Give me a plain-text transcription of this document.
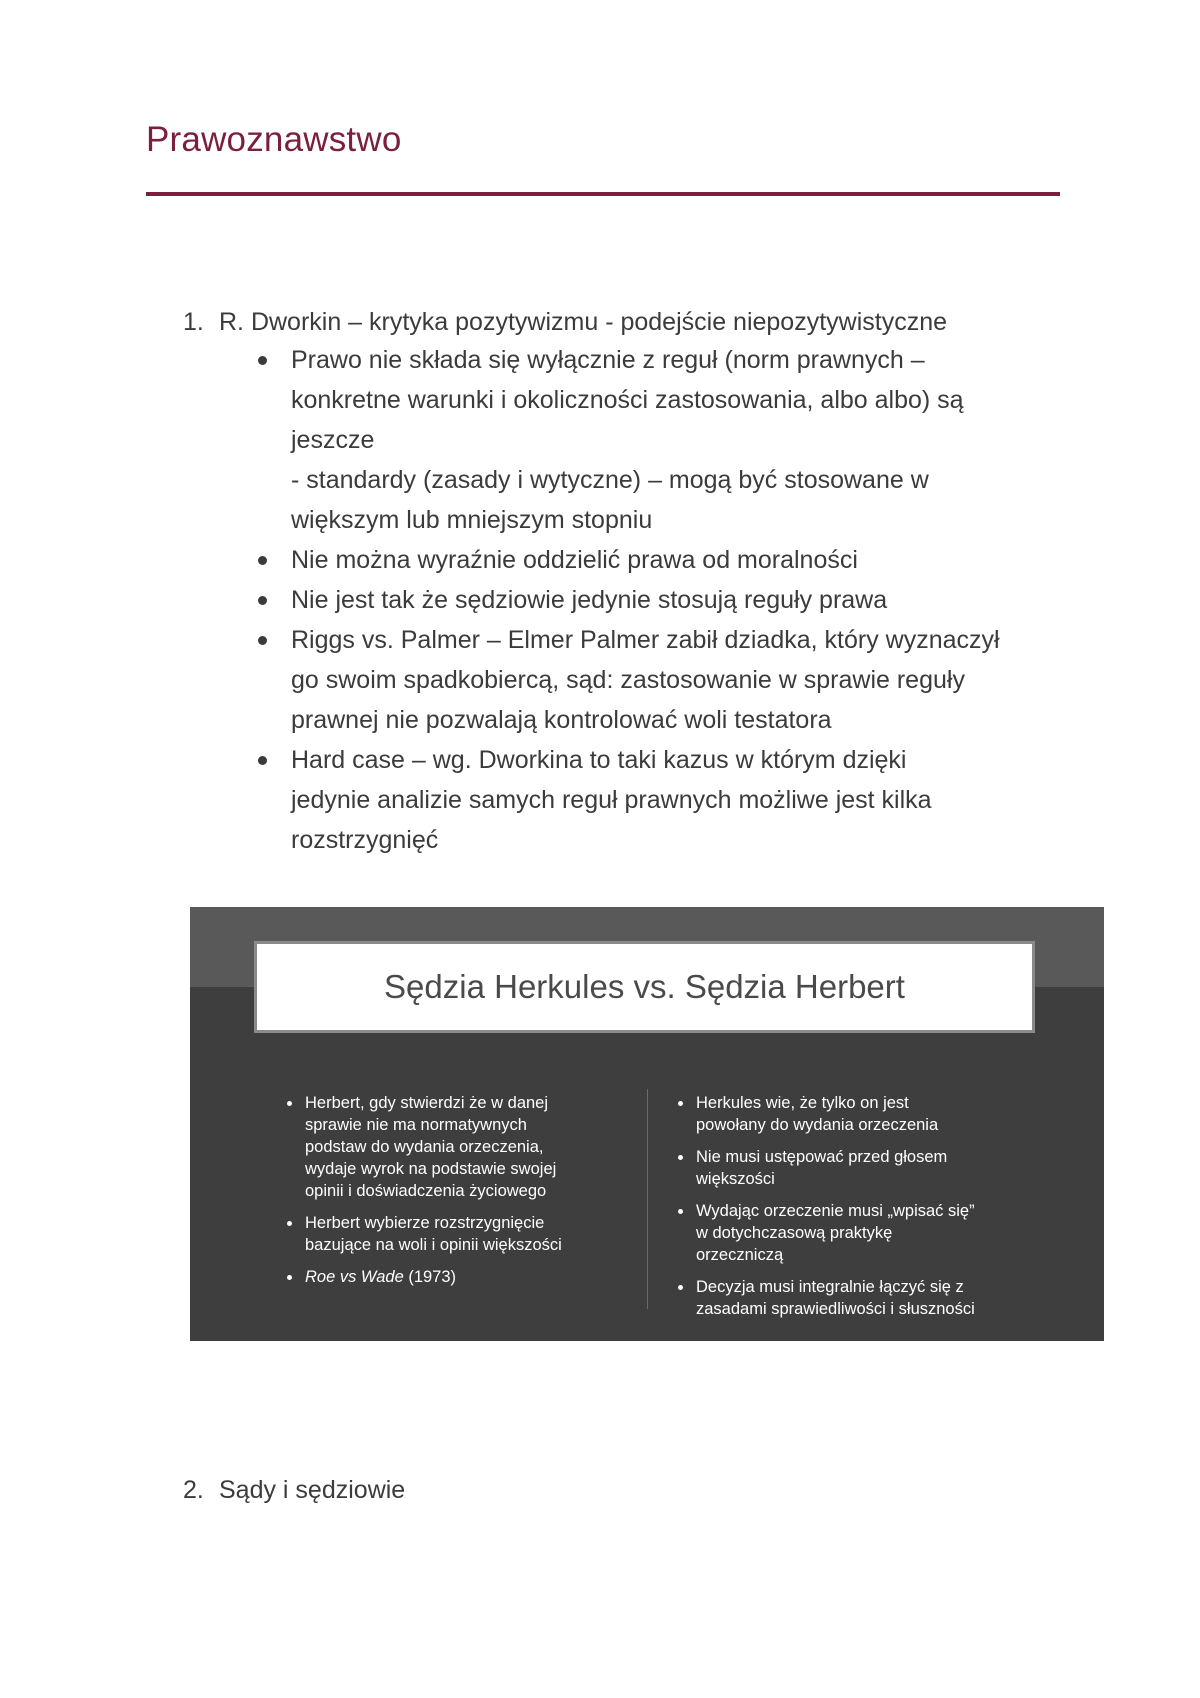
Prawoznawstwo
1. R. Dworkin – krytyka pozytywizmu - podejście niepozytywistyczne
Prawo nie składa się wyłącznie z reguł (norm prawnych –
konkretne warunki i okoliczności zastosowania, albo albo) są
jeszcze
- standardy (zasady i wytyczne) – mogą być stosowane w
większym lub mniejszym stopniu
Nie można wyraźnie oddzielić prawa od moralności
Nie jest tak że sędziowie jedynie stosują reguły prawa
Riggs vs. Palmer – Elmer Palmer zabił dziadka, który wyznaczył
go swoim spadkobiercą, sąd: zastosowanie w sprawie reguły
prawnej nie pozwalają kontrolować woli testatora
Hard case – wg. Dworkina to taki kazus w którym dzięki
jedynie analizie samych reguł prawnych możliwe jest kilka
rozstrzygnięć
Sędzia Herkules vs. Sędzia Herbert
Herbert, gdy stwierdzi że w danej
sprawie nie ma normatywnych
podstaw do wydania orzeczenia,
wydaje wyrok na podstawie swojej
opinii i doświadczenia życiowego
Herbert wybierze rozstrzygnięcie
bazujące na woli i opinii większości
Roe vs Wade (1973)
Herkules wie, że tylko on jest
powołany do wydania orzeczenia
Nie musi ustępować przed głosem
większości
Wydając orzeczenie musi „wpisać się”
w dotychczasową praktykę
orzeczniczą
Decyzja musi integralnie łączyć się z
zasadami sprawiedliwości i słuszności
2. Sądy i sędziowie
